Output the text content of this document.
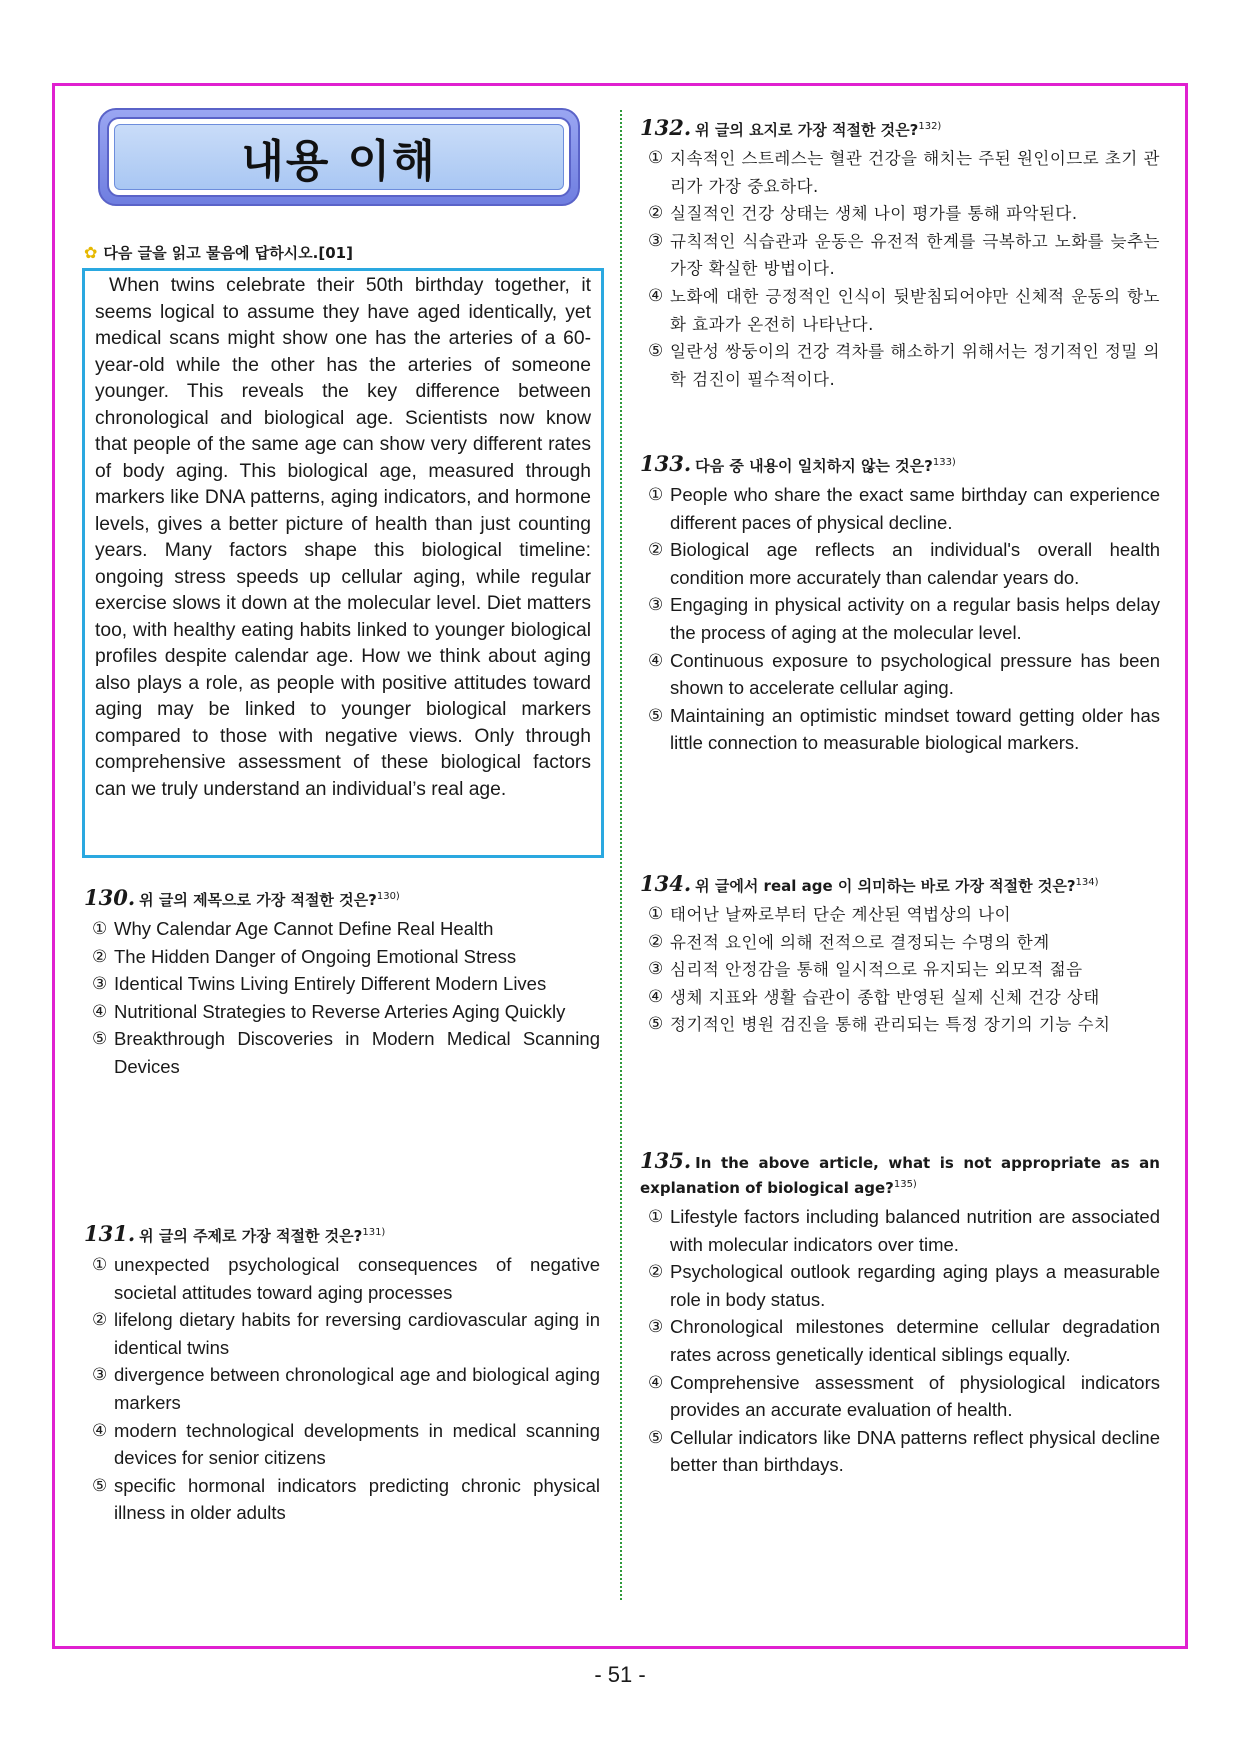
내용 이해
✿ 다음 글을 읽고 물음에 답하시오.[01]
When twins celebrate their 50th birthday together, it seems logical to assume they have aged identically, yet medical scans might show one has the arteries of a 60-year-old while the other has the arteries of someone younger. This reveals the key difference between chronological and biological age. Scientists now know that people of the same age can show very different rates of body aging. This biological age, measured through markers like DNA patterns, aging indicators, and hormone levels, gives a better picture of health than just counting years. Many factors shape this biological timeline: ongoing stress speeds up cellular aging, while regular exercise slows it down at the molecular level. Diet matters too, with healthy eating habits linked to younger biological profiles despite calendar age. How we think about aging also plays a role, as people with positive attitudes toward aging may be linked to younger biological markers compared to those with negative views. Only through comprehensive assessment of these biological factors can we truly understand an individual’s real age.
130. 위 글의 제목으로 가장 적절한 것은?$^{130)}$
① Why Calendar Age Cannot Define Real Health
② The Hidden Danger of Ongoing Emotional Stress
③ Identical Twins Living Entirely Different Modern Lives
④ Nutritional Strategies to Reverse Arteries Aging Quickly
⑤ Breakthrough Discoveries in Modern Medical Scanning Devices
131. 위 글의 주제로 가장 적절한 것은?$^{131)}$
① unexpected psychological consequences of negative societal attitudes toward aging processes
② lifelong dietary habits for reversing cardiovascular aging in identical twins
③ divergence between chronological age and biological aging markers
④ modern technological developments in medical scanning devices for senior citizens
⑤ specific hormonal indicators predicting chronic physical illness in older adults
132. 위 글의 요지로 가장 적절한 것은?$^{132)}$
① 지속적인 스트레스는 혈관 건강을 해치는 주된 원인이므로 초기 관리가 가장 중요하다.
② 실질적인 건강 상태는 생체 나이 평가를 통해 파악된다.
③ 규칙적인 식습관과 운동은 유전적 한계를 극복하고 노화를 늦추는 가장 확실한 방법이다.
④ 노화에 대한 긍정적인 인식이 뒷받침되어야만 신체적 운동의 항노화 효과가 온전히 나타난다.
⑤ 일란성 쌍둥이의 건강 격차를 해소하기 위해서는 정기적인 정밀 의학 검진이 필수적이다.
133. 다음 중 내용이 일치하지 않는 것은?$^{133)}$
① People who share the exact same birthday can experience different paces of physical decline.
② Biological age reflects an individual's overall health condition more accurately than calendar years do.
③ Engaging in physical activity on a regular basis helps delay the process of aging at the molecular level.
④ Continuous exposure to psychological pressure has been shown to accelerate cellular aging.
⑤ Maintaining an optimistic mindset toward getting older has little connection to measurable biological markers.
134. 위 글에서 real age 이 의미하는 바로 가장 적절한 것은?$^{134)}$
① 태어난 날짜로부터 단순 계산된 역법상의 나이
② 유전적 요인에 의해 전적으로 결정되는 수명의 한계
③ 심리적 안정감을 통해 일시적으로 유지되는 외모적 젊음
④ 생체 지표와 생활 습관이 종합 반영된 실제 신체 건강 상태
⑤ 정기적인 병원 검진을 통해 관리되는 특정 장기의 기능 수치
135. In the above article, what is not appropriate as an explanation of biological age?$^{135)}$
① Lifestyle factors including balanced nutrition are associated with molecular indicators over time.
② Psychological outlook regarding aging plays a measurable role in body status.
③ Chronological milestones determine cellular degradation rates across genetically identical siblings equally.
④ Comprehensive assessment of physiological indicators provides an accurate evaluation of health.
⑤ Cellular indicators like DNA patterns reflect physical decline better than birthdays.
- 51 -
